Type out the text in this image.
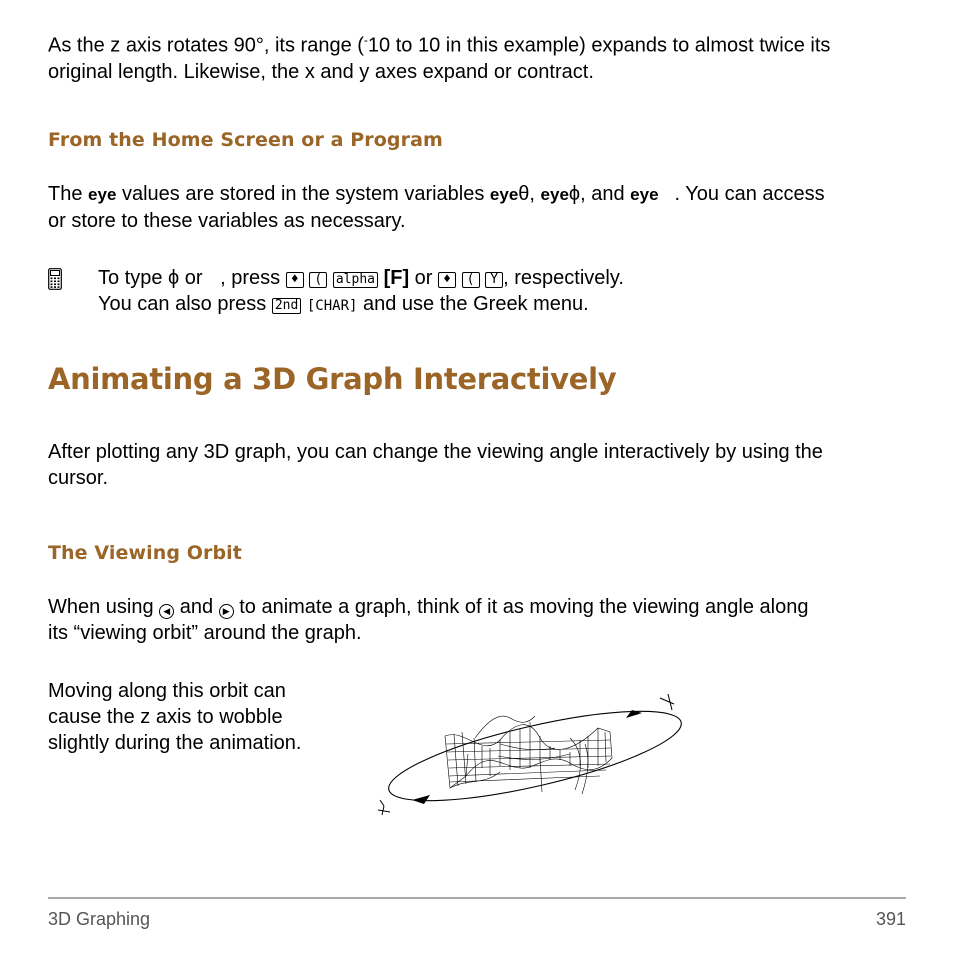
As the z axis rotates 90°, its range (-10 to 10 in this example) expands to almost twice its
original length. Likewise, the x and y axes expand or contract.
From the Home Screen or a Program
The eye values are stored in the system variables eyeθ, eyeϕ, and eye . You can access
or store to these variables as necessary.
To type ϕ or , press ♦ ( alpha [F] or ♦ ( Y , respectively.
You can also press 2nd [CHAR] and use the Greek menu.
Animating a 3D Graph Interactively
After plotting any 3D graph, you can change the viewing angle interactively by using the
cursor.
The Viewing Orbit
When using ◀ and ▶ to animate a graph, think of it as moving the viewing angle along
its “viewing orbit” around the graph.
Moving along this orbit can
cause the z axis to wobble
slightly during the animation.
3D Graphing	391
